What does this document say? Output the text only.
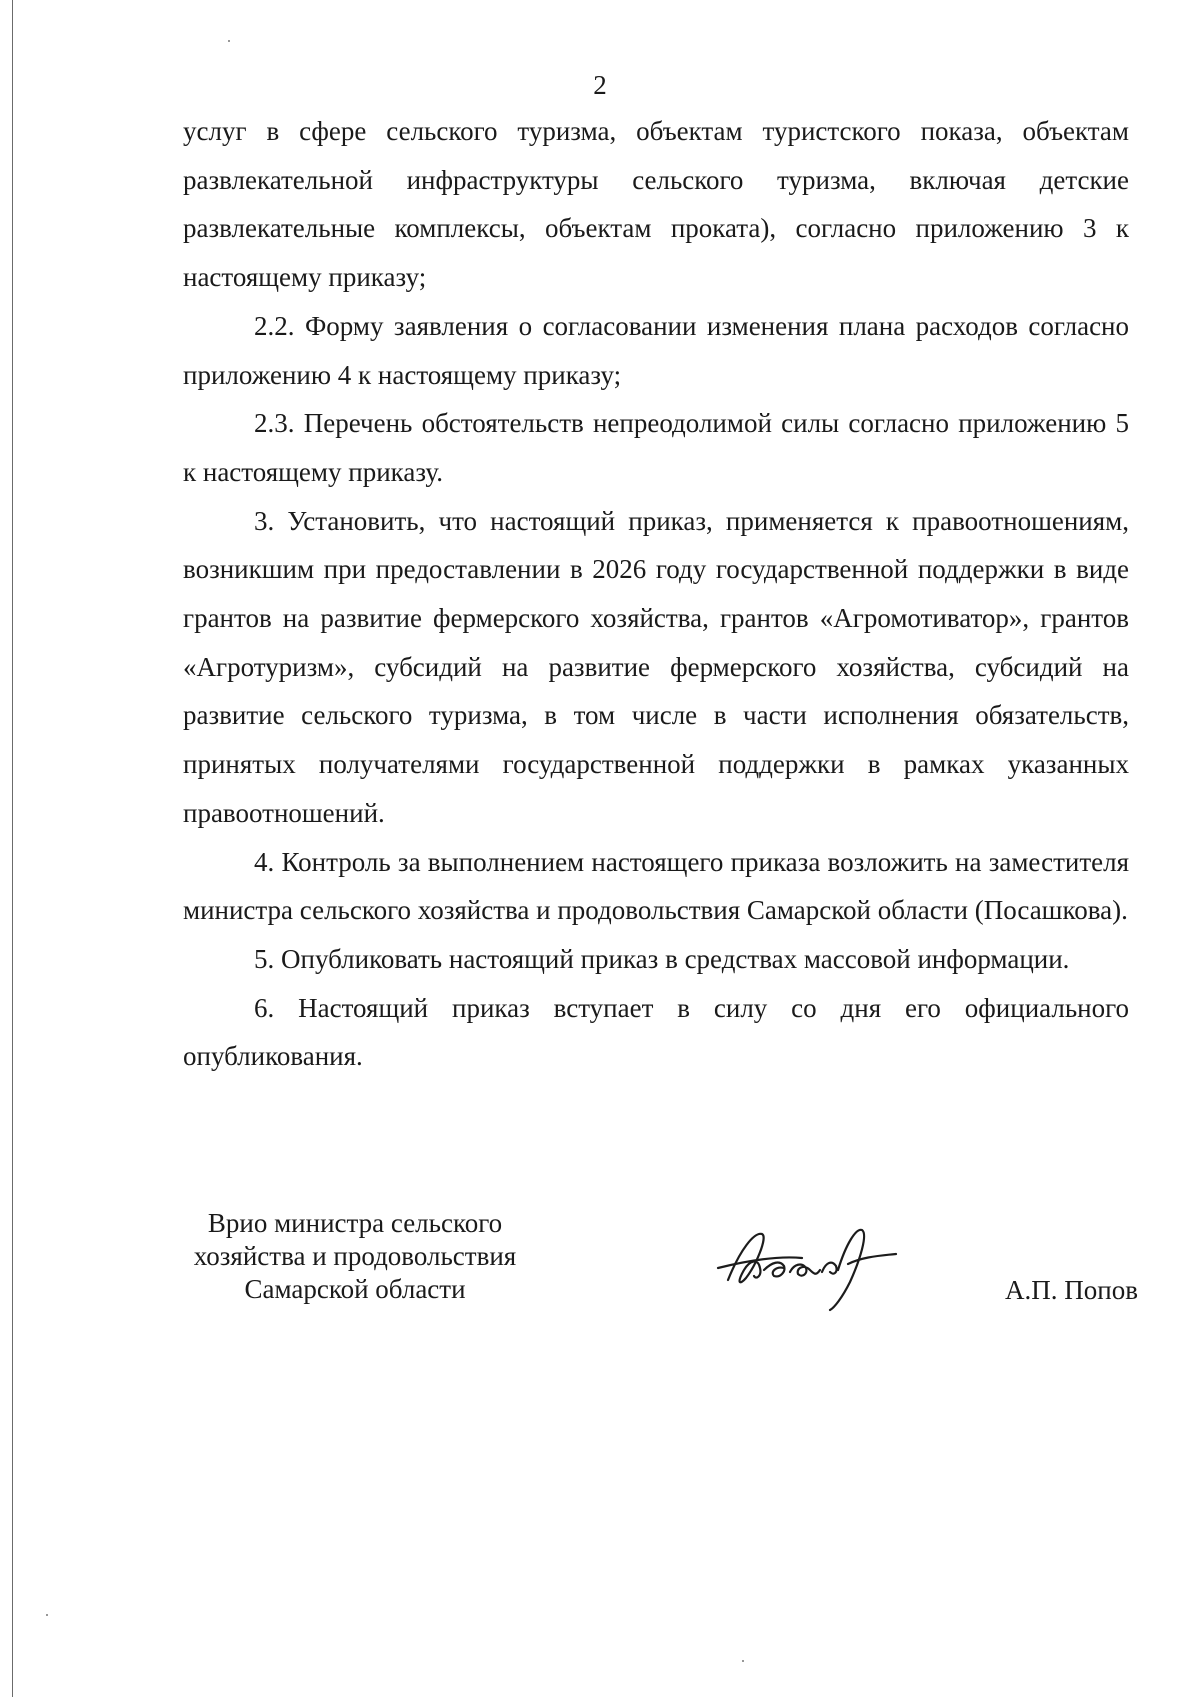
2

услуг в сфере сельского туризма, объектам туристского показа, объектам развлекательной инфраструктуры сельского туризма, включая детские развлекательные комплексы, объектам проката), согласно приложению 3 к настоящему приказу;

2.2. Форму заявления о согласовании изменения плана расходов согласно приложению 4 к настоящему приказу;

2.3. Перечень обстоятельств непреодолимой силы согласно приложению 5 к настоящему приказу.

3. Установить, что настоящий приказ, применяется к правоотношениям, возникшим при предоставлении в 2026 году государственной поддержки в виде грантов на развитие фермерского хозяйства, грантов «Агромотиватор», грантов «Агротуризм», субсидий на развитие фермерского хозяйства, субсидий на развитие сельского туризма, в том числе в части исполнения обязательств, принятых получателями государственной поддержки в рамках указанных правоотношений.

4. Контроль за выполнением настоящего приказа возложить на заместителя министра сельского хозяйства и продовольствия Самарской области (Посашкова).

5. Опубликовать настоящий приказ в средствах массовой информации.

6. Настоящий приказ вступает в силу со дня его официального опубликования.

Врио министра сельского
хозяйства и продовольствия
Самарской области	А.П. Попов
